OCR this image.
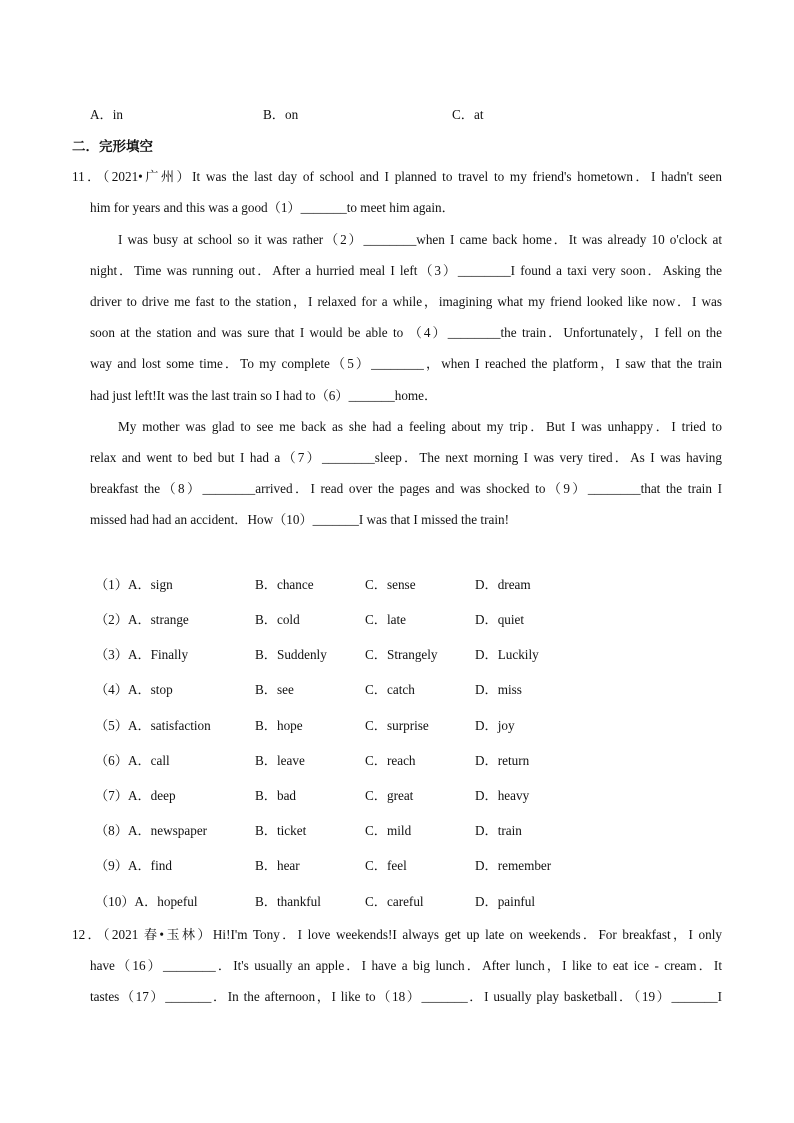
A．in	B．on	C．at
二．完形填空
11．（2021•广州）It was the last day of school and I planned to travel to my friend's hometown．I hadn't seen
him for years and this was a good（1）_______to meet him again．
I was busy at school so it was rather（2）________when I came back home．It was already 10 o'clock at
night．Time was running out．After a hurried meal I left（3）________I found a taxi very soon．Asking the
driver to drive me fast to the station，I relaxed for a while，imagining what my friend looked like now．I was
soon at the station and was sure that I would be able to （4）________the train．Unfortunately，I fell on the
way and lost some time．To my complete（5）________，when I reached the platform，I saw that the train
had just left!It was the last train so I had to（6）_______home．
My mother was glad to see me back as she had a feeling about my trip．But I was unhappy．I tried to
relax and went to bed but I had a（7）________sleep．The next morning I was very tired．As I was having
breakfast the（8）________arrived．I read over the pages and was shocked to（9）________that the train I
missed had had an accident．How（10）_______I was that I missed the train!
（1）A．sign	B．chance	C．sense	D．dream
（2）A．strange	B．cold	C．late	D．quiet
（3）A．Finally	B．Suddenly	C．Strangely	D．Luckily
（4）A．stop	B．see	C．catch	D．miss
（5）A．satisfaction	B．hope	C．surprise	D．joy
（6）A．call	B．leave	C．reach	D．return
（7）A．deep	B．bad	C．great	D．heavy
（8）A．newspaper	B．ticket	C．mild	D．train
（9）A．find	B．hear	C．feel	D．remember
（10）A．hopeful	B．thankful	C．careful	D．painful
12．（2021 春•玉林）Hi!I'm Tony．I love weekends!I always get up late on weekends．For breakfast，I only
have（16）________．It's usually an apple．I have a big lunch．After lunch，I like to eat ice - cream．It
tastes（17）_______．In the afternoon，I like to（18）_______．I usually play basketball．（19）_______I
